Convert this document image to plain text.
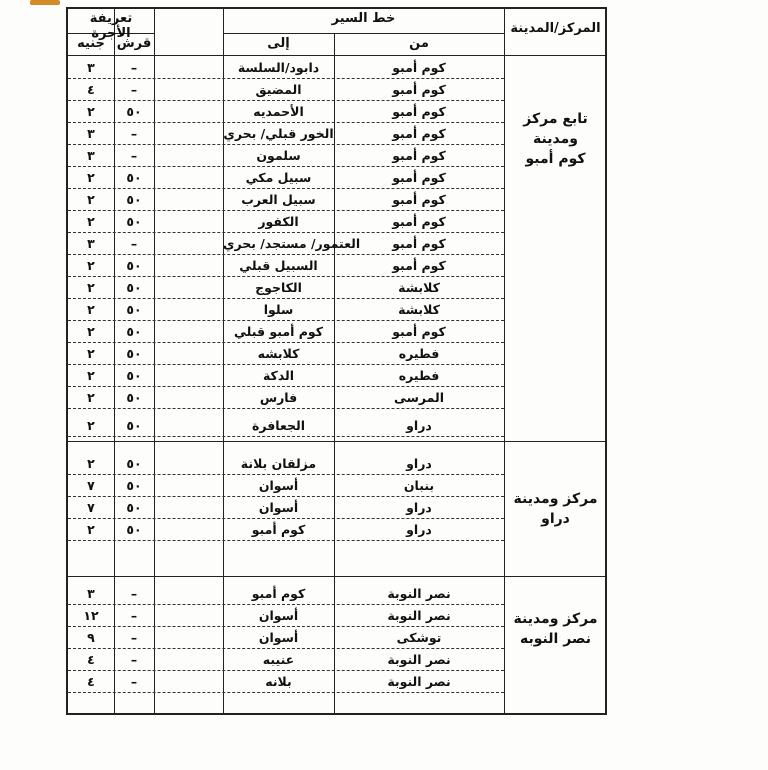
تعريفة الأجرة
جنيه قرش
خط السير
إلى	من
المركز/المدينة
كوم أمبو
دابود/السلسة
–
٣
كوم أمبو
المضيق
–
٤
كوم أمبو
الأحمديه
٥٠
٢
كوم أمبو
الخور قبلي/ بحري
–
٣
كوم أمبو
سلمون
–
٣
كوم أمبو
سبيل مكي
٥٠
٢
كوم أمبو
سبيل العرب
٥٠
٢
كوم أمبو
الكفور
٥٠
٢
كوم أمبو
العتمور/ مستجد/ بحري
–
٣
كوم أمبو
السبيل قبلي
٥٠
٢
كلابشة
الكاجوج
٥٠
٢
كلابشة
سلوا
٥٠
٢
كوم أمبو
كوم أمبو قبلي
٥٠
٢
فطيره
كلابشه
٥٠
٢
فطيره
الدكة
٥٠
٢
المرسى
فارس
٥٠
٢
دراو
الجعافرة
٥٠
٢
دراو
مزلقان بلانة
٥٠
٢
بنبان
أسوان
٥٠
٧
دراو
أسوان
٥٠
٧
دراو
كوم أمبو
٥٠
٢
نصر النوبة
كوم أمبو
–
٣
نصر النوبة
أسوان
–
١٢
توشكى
أسوان
–
٩
نصر النوبة
عنيبه
–
٤
نصر النوبة
بلانه
–
٤
تابع مركز ومدينة
كوم أمبو
مركز ومدينة
دراو
مركز ومدينة
نصر النوبه
